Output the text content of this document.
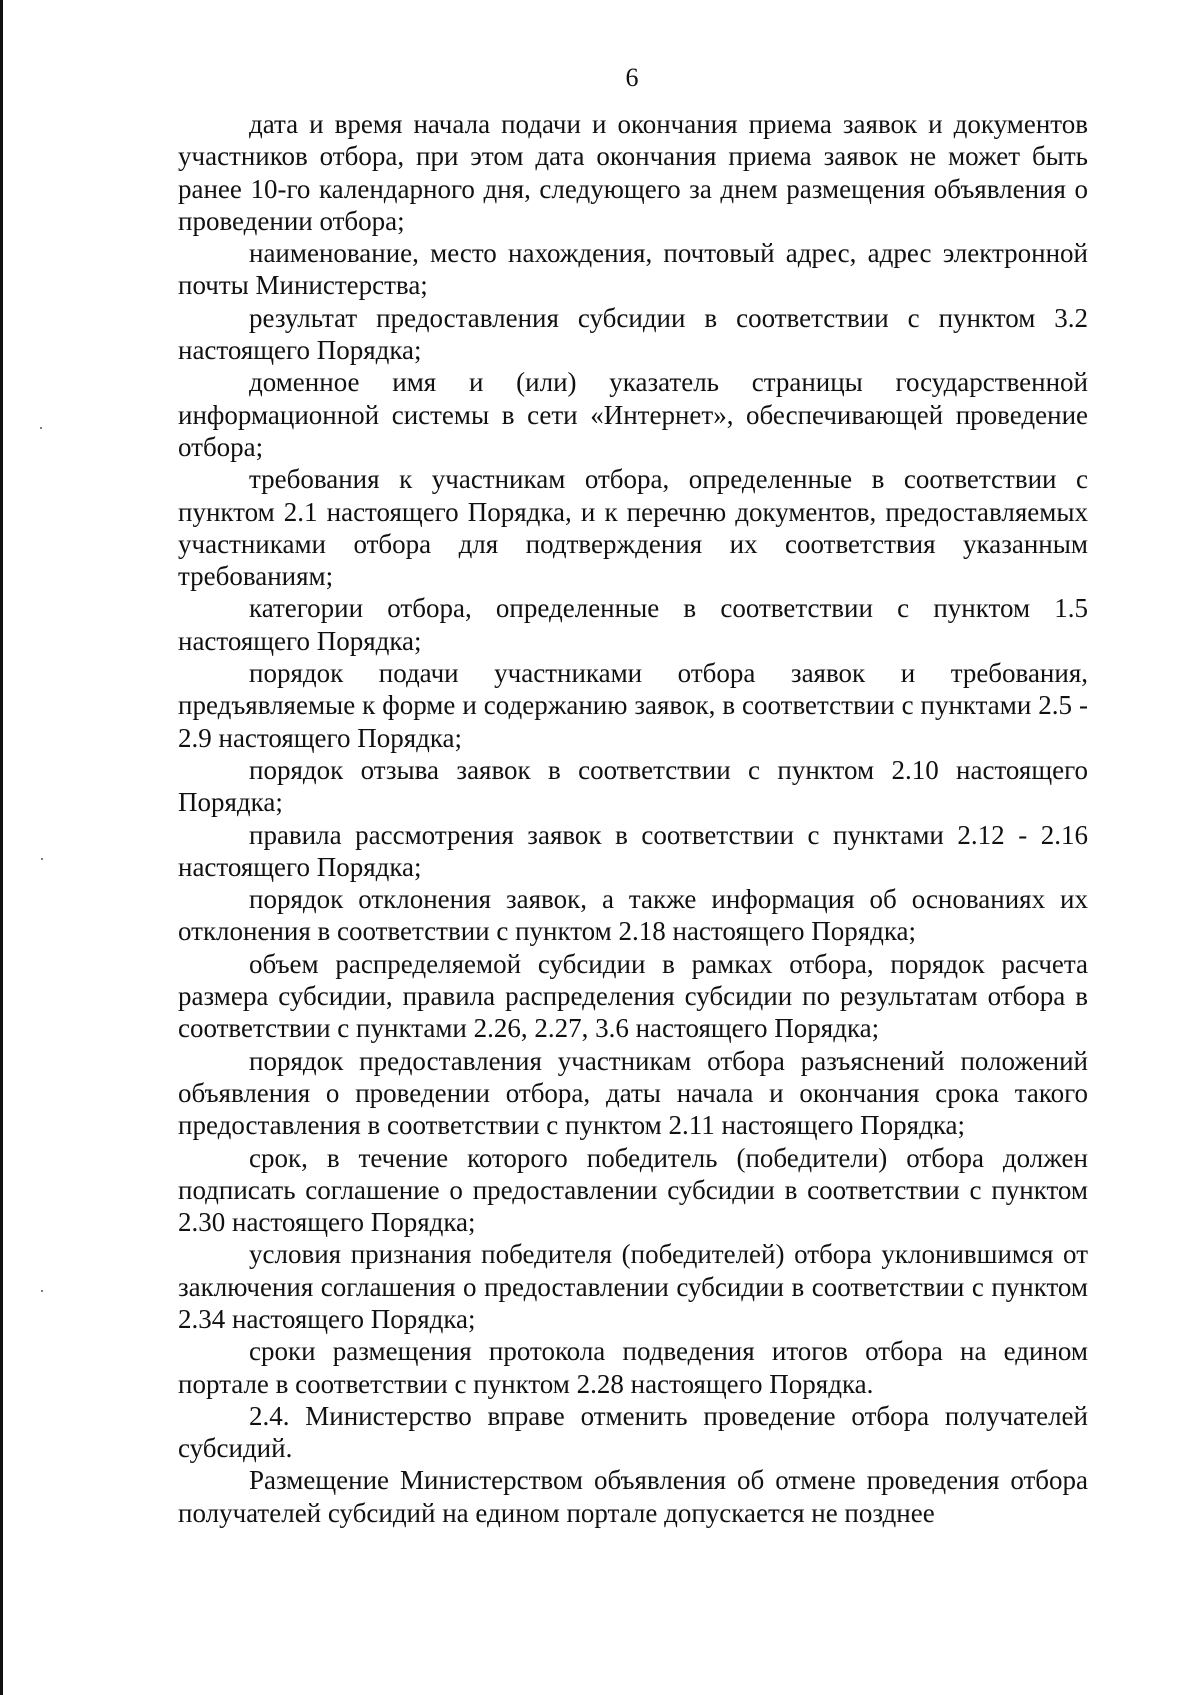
6

дата и время начала подачи и окончания приема заявок и документов участников отбора, при этом дата окончания приема заявок не может быть ранее 10-го календарного дня, следующего за днем размещения объявления о проведении отбора;

наименование, место нахождения, почтовый адрес, адрес электронной почты Министерства;

результат предоставления субсидии в соответствии с пунктом 3.2 настоящего Порядка;

доменное имя и (или) указатель страницы государственной информационной системы в сети «Интернет», обеспечивающей проведение отбора;

требования к участникам отбора, определенные в соответствии с пунктом 2.1 настоящего Порядка, и к перечню документов, предоставляемых участниками отбора для подтверждения их соответствия указанным требованиям;

категории отбора, определенные в соответствии с пунктом 1.5 настоящего Порядка;

порядок подачи участниками отбора заявок и требования, предъявляемые к форме и содержанию заявок, в соответствии с пунктами 2.5 - 2.9 настоящего Порядка;

порядок отзыва заявок в соответствии с пунктом 2.10 настоящего Порядка;

правила рассмотрения заявок в соответствии с пунктами 2.12 - 2.16 настоящего Порядка;

порядок отклонения заявок, а также информация об основаниях их отклонения в соответствии с пунктом 2.18 настоящего Порядка;

объем распределяемой субсидии в рамках отбора, порядок расчета размера субсидии, правила распределения субсидии по результатам отбора в соответствии с пунктами 2.26, 2.27, 3.6 настоящего Порядка;

порядок предоставления участникам отбора разъяснений положений объявления о проведении отбора, даты начала и окончания срока такого предоставления в соответствии с пунктом 2.11 настоящего Порядка;

срок, в течение которого победитель (победители) отбора должен подписать соглашение о предоставлении субсидии в соответствии с пунктом 2.30 настоящего Порядка;

условия признания победителя (победителей) отбора уклонившимся от заключения соглашения о предоставлении субсидии в соответствии с пунктом 2.34 настоящего Порядка;

сроки размещения протокола подведения итогов отбора на едином портале в соответствии с пунктом 2.28 настоящего Порядка.

2.4. Министерство вправе отменить проведение отбора получателей субсидий.

Размещение Министерством объявления об отмене проведения отбора получателей субсидий на едином портале допускается не позднее
